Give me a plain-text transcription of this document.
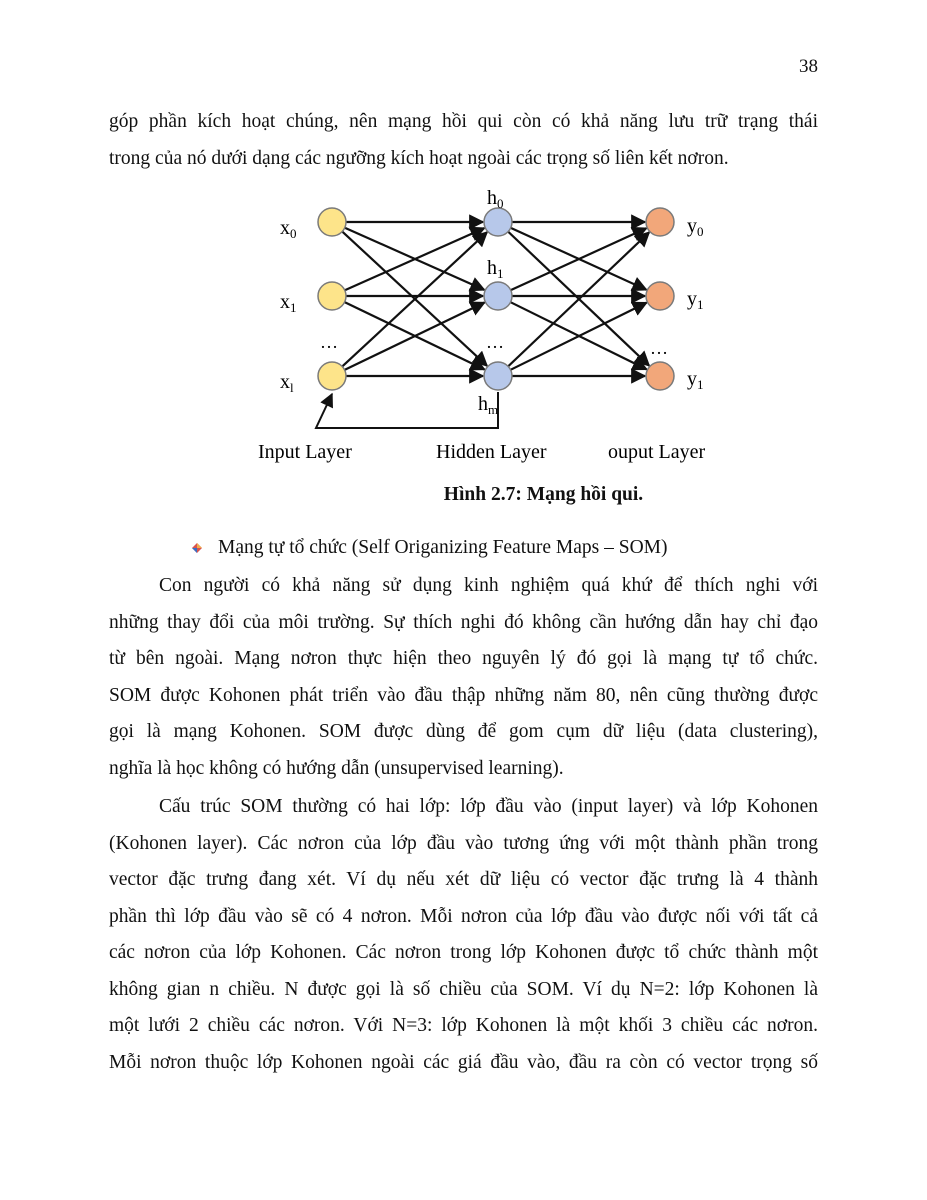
38
góp phần kích hoạt chúng, nên mạng hồi qui còn có khả năng lưu trữ trạng thái
trong của nó dưới dạng các ngưỡng kích hoạt ngoài các trọng số liên kết nơron.
$x_0$
$x_1$
$x_l$
…
$h_0$
$h_1$
$h_m$
…
$y_0$
$y_1$
$y_1$
…
Input Layer	Hidden Layer	ouput Layer
Hình 2.7: Mạng hồi qui.
Mạng tự tổ chức (Self Origanizing Feature Maps – SOM)
Con người có khả năng sử dụng kinh nghiệm quá khứ để thích nghi với
những thay đổi của môi trường. Sự thích nghi đó không cần hướng dẫn hay chỉ đạo
từ bên ngoài. Mạng nơron thực hiện theo nguyên lý đó gọi là mạng tự tổ chức.
SOM được Kohonen phát triển vào đầu thập những năm 80, nên cũng thường được
gọi là mạng Kohonen. SOM được dùng để gom cụm dữ liệu (data clustering),
nghĩa là học không có hướng dẫn (unsupervised learning).
Cấu trúc SOM thường có hai lớp: lớp đầu vào (input layer) và lớp Kohonen
(Kohonen layer). Các nơron của lớp đầu vào tương ứng với một thành phần trong
vector đặc trưng đang xét. Ví dụ nếu xét dữ liệu có vector đặc trưng là 4 thành
phần thì lớp đầu vào sẽ có 4 nơron. Mỗi nơron của lớp đầu vào được nối với tất cả
các nơron của lớp Kohonen. Các nơron trong lớp Kohonen được tổ chức thành một
không gian n chiều. N được gọi là số chiều của SOM. Ví dụ N=2: lớp Kohonen là
một lưới 2 chiều các nơron. Với N=3: lớp Kohonen là một khối 3 chiều các nơron.
Mỗi nơron thuộc lớp Kohonen ngoài các giá đầu vào, đầu ra còn có vector trọng số
